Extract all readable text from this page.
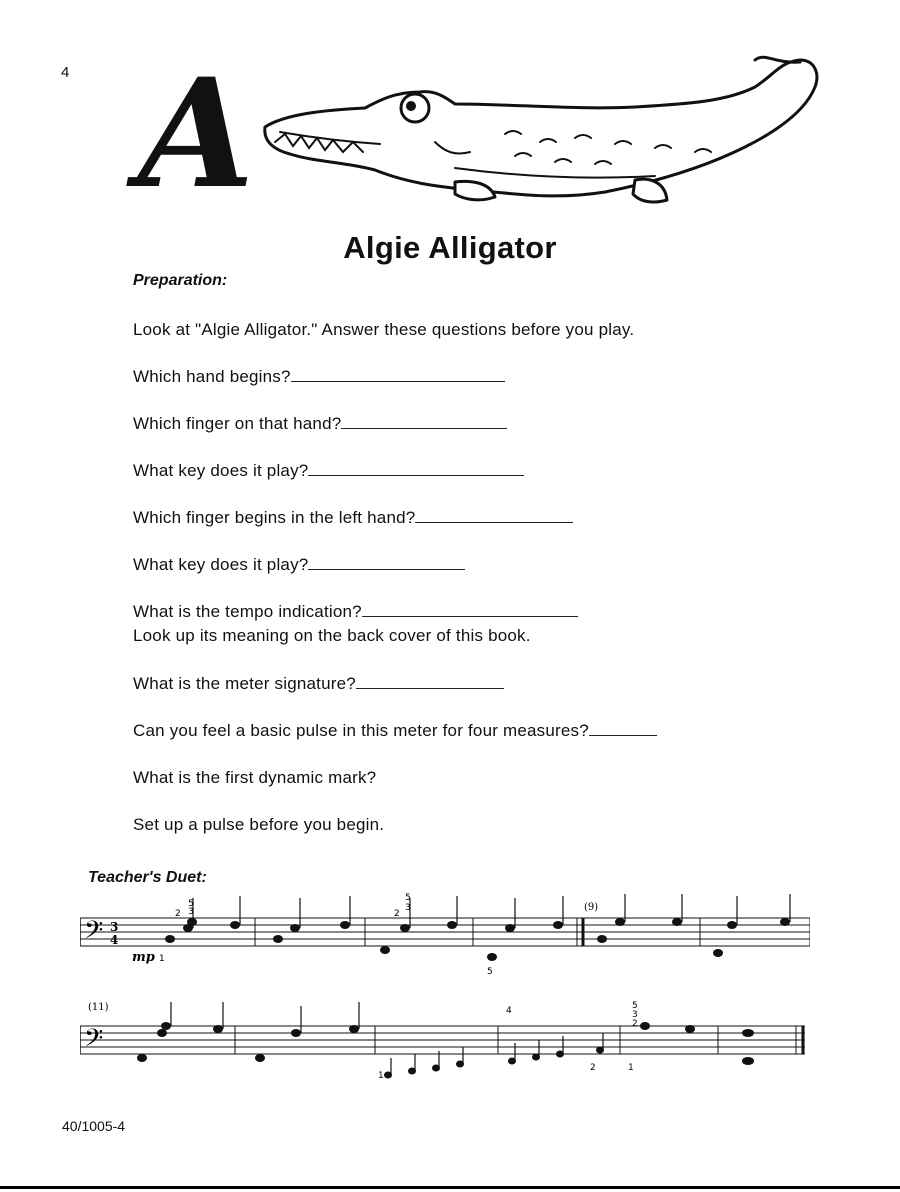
4 A
Algie Alligator
Preparation:
Look at "Algie Alligator." Answer these questions before you play.
Which hand begins?
Which finger on that hand?
What key does it play?
Which finger begins in the left hand?
What key does it play?
What is the tempo indication?
Look up its meaning on the back cover of this book.
What is the meter signature?
Can you feel a basic pulse in this meter for four measures?
What is the first dynamic mark?
Set up a pulse before you begin.
Teacher's Duet:
𝄢 3
4
mp
(9)
1
2
5
3	2
5
3
5
𝄢
(11)
1
4
2	1
5
3
2
40/1005-4
